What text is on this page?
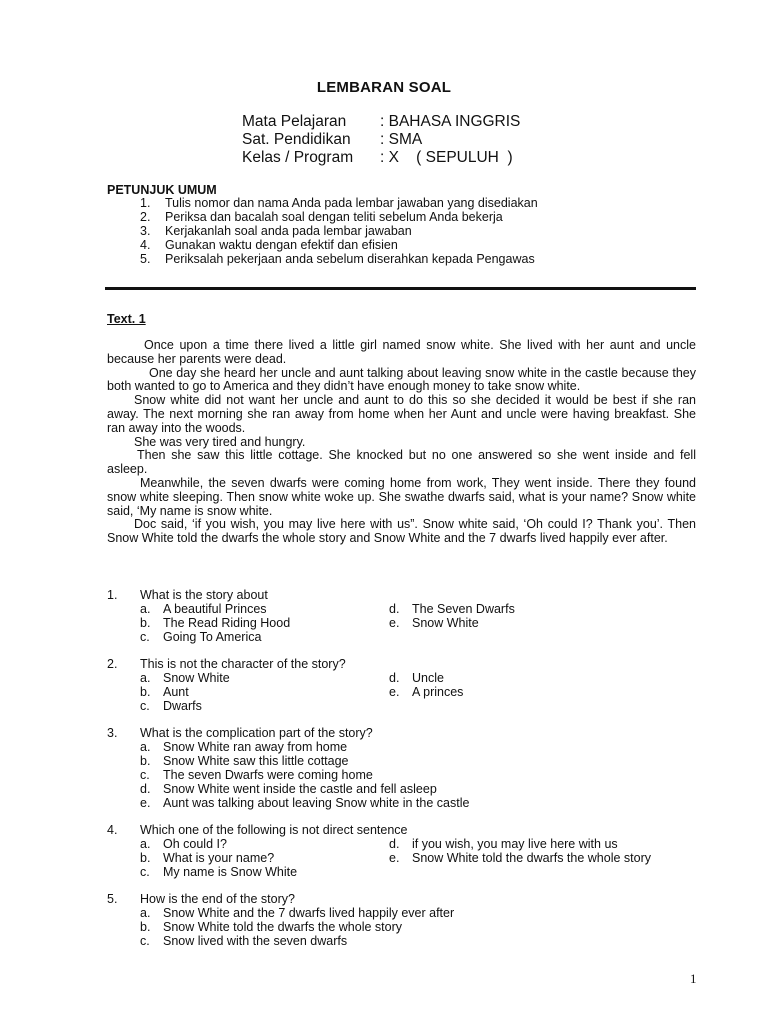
LEMBARAN SOAL
Mata Pelajaran : BAHASA INGGRIS
Sat. Pendidikan : SMA
Kelas / Program : X    ( SEPULUH  )
PETUNJUK UMUM
1. Tulis nomor dan nama Anda pada lembar jawaban yang disediakan
2. Periksa dan bacalah soal dengan teliti sebelum Anda bekerja
3. Kerjakanlah soal anda pada lembar jawaban
4. Gunakan waktu dengan efektif dan efisien
5. Periksalah pekerjaan anda sebelum diserahkan kepada Pengawas
Text. 1

Once upon a time there lived a little girl named snow white. She lived with her aunt and uncle because her parents were dead.

One day she heard her uncle and aunt talking about leaving snow white in the castle because they both wanted to go to America and they didn’t have enough money to take snow white.

Snow white did not want her uncle and aunt to do this so she decided it would be best if she ran away. The next morning she ran away from home when her Aunt and uncle were having breakfast. She ran away into the woods.

She was very tired and hungry.

Then she saw this little cottage. She knocked but no one answered so she went inside and fell asleep.

Meanwhile, the seven dwarfs were coming home from work, They went inside. There they found snow white sleeping. Then snow white woke up. She swathe dwarfs said, what is your name? Snow white said, ‘My name is snow white.

Doc said, ‘if you wish, you may live here with us”. Snow white said, ‘Oh could I? Thank you’. Then Snow White told the dwarfs the whole story and Snow White and the 7 dwarfs lived happily ever after.

1. What is the story about
a. A beautiful Princes
b. The Read Riding Hood
c. Going To America
d. The Seven Dwarfs
e. Snow White
2. This is not the character of the story?
a. Snow White
b. Aunt
c. Dwarfs
d. Uncle
e. A princes
3. What is the complication part of the story?
a. Snow White ran away from home
b. Snow White saw this little cottage
c. The seven Dwarfs were coming home
d. Snow White went inside the castle and fell asleep
e. Aunt was talking about leaving Snow white in the castle
4. Which one of the following is not direct sentence
a. Oh could I?
b. What is your name?
c. My name is Snow White
d. if you wish, you may live here with us
e. Snow White told the dwarfs the whole story
5. How is the end of the story?
a. Snow White and the 7 dwarfs lived happily ever after
b. Snow White told the dwarfs the whole story
c. Snow lived with the seven dwarfs
1
